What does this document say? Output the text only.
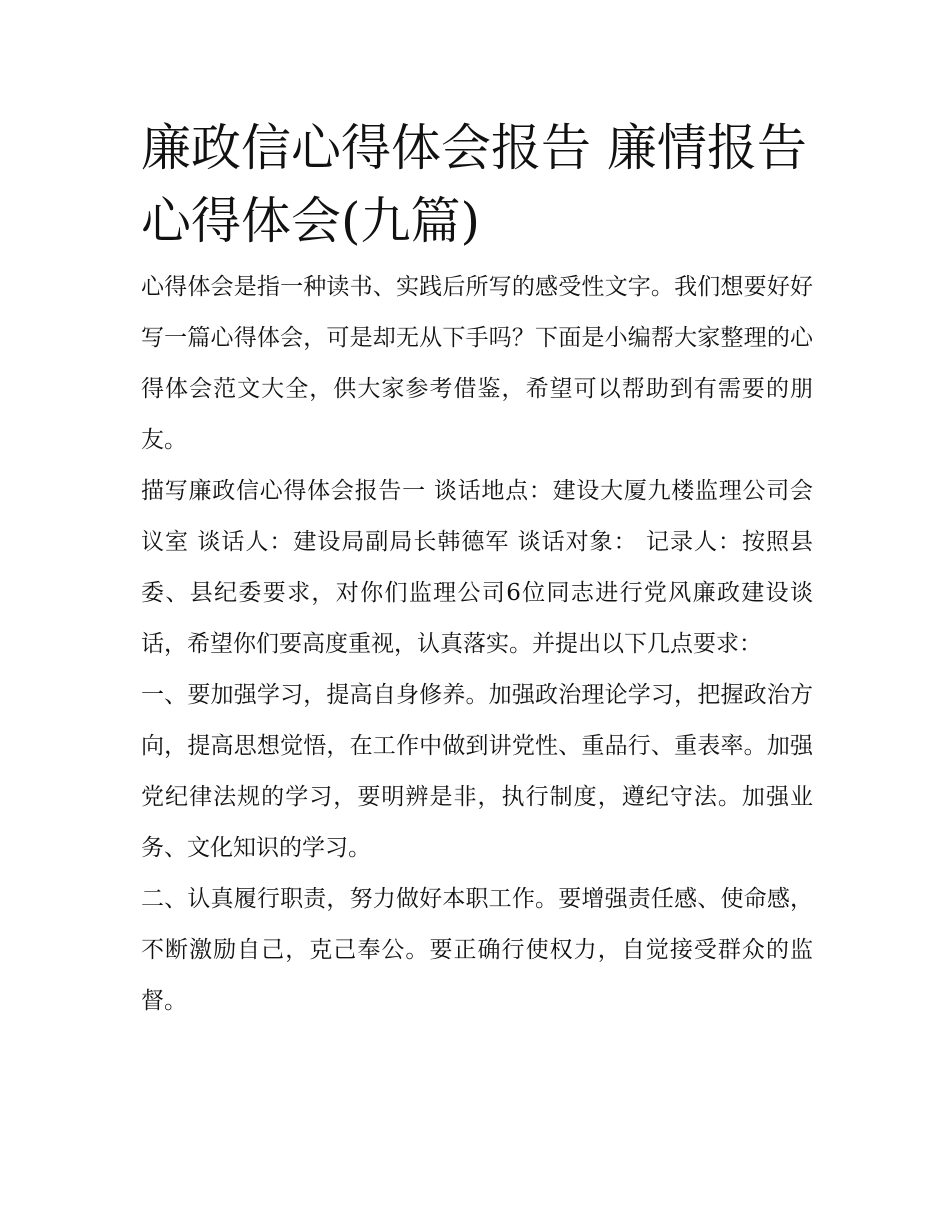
廉政信心得体会报告 廉情报告心得体会(九篇)

心得体会是指一种读书、实践后所写的感受性文字。我们想要好好写一篇心得体会，可是却无从下手吗？下面是小编帮大家整理的心得体会范文大全，供大家参考借鉴，希望可以帮助到有需要的朋友。

描写廉政信心得体会报告一 谈话地点：建设大厦九楼监理公司会议室 谈话人：建设局副局长韩德军 谈话对象： 记录人：按照县委、县纪委要求，对你们监理公司6位同志进行党风廉政建设谈话，希望你们要高度重视，认真落实。并提出以下几点要求：

一、要加强学习，提高自身修养。加强政治理论学习，把握政治方向，提高思想觉悟，在工作中做到讲党性、重品行、重表率。加强党纪律法规的学习，要明辨是非，执行制度，遵纪守法。加强业务、文化知识的学习。

二、认真履行职责，努力做好本职工作。要增强责任感、使命感，不断激励自己，克己奉公。要正确行使权力，自觉接受群众的监督。
